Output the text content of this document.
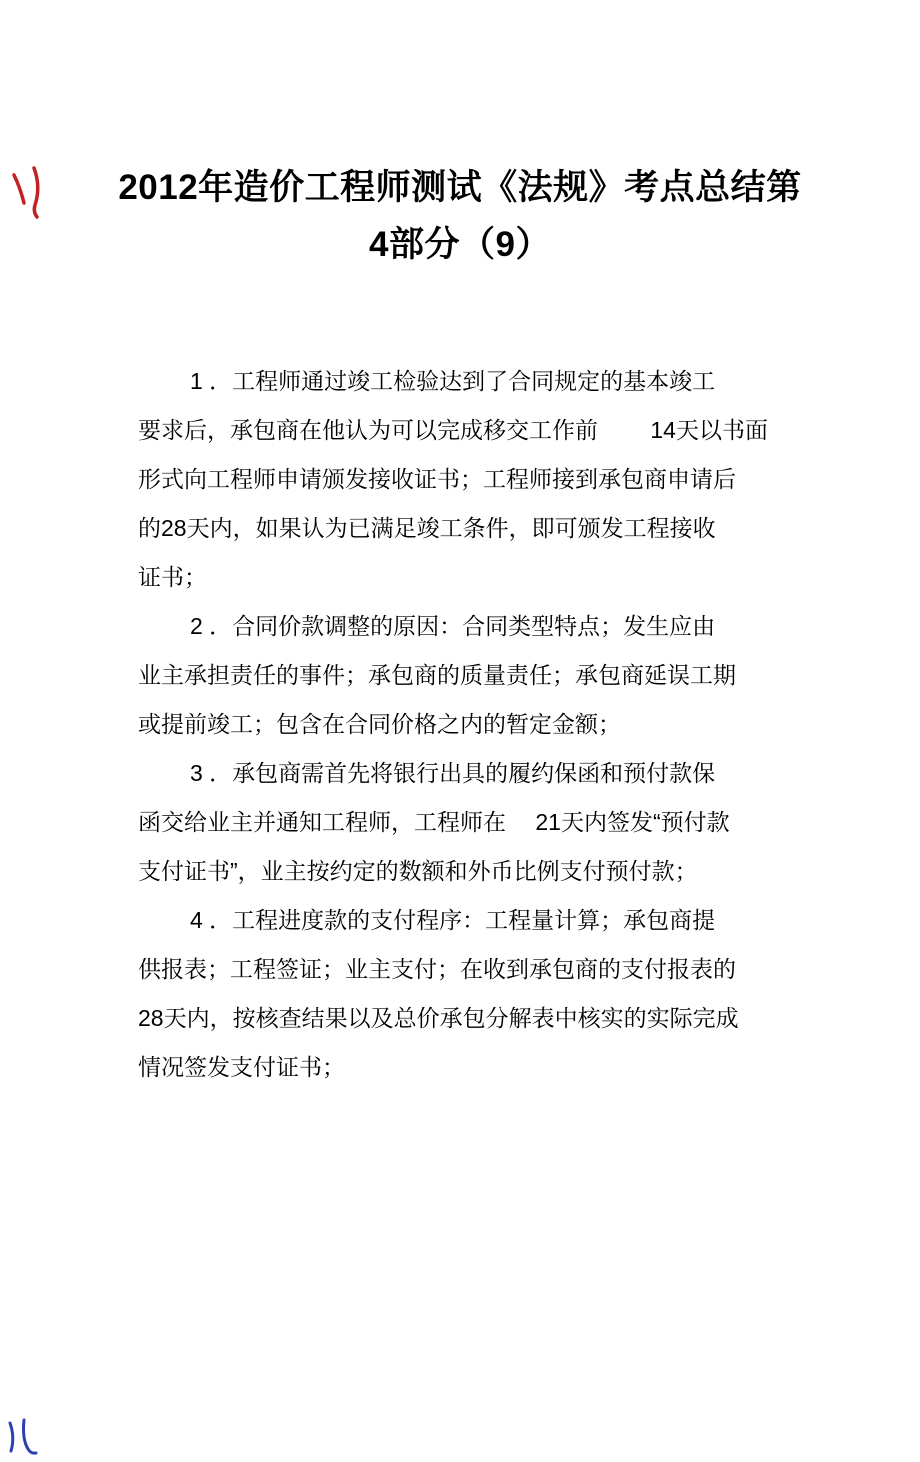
2012年造价工程师测试《法规》考点总结第
4部分（9）
1 ．工程师通过竣工检验达到了合同规定的基本竣工
要求后，承包商在他认为可以完成移交工作前　　 14天以书面
形式向工程师申请颁发接收证书；工程师接到承包商申请后
的28天内，如果认为已满足竣工条件，即可颁发工程接收
证书；
2 ．合同价款调整的原因：合同类型特点；发生应由
业主承担责任的事件；承包商的质量责任；承包商延误工期
或提前竣工；包含在合同价格之内的暂定金额；
3 ．承包商需首先将银行出具的履约保函和预付款保
函交给业主并通知工程师，工程师在　 21天内签发“预付款
支付证书”，业主按约定的数额和外币比例支付预付款；
4 ．工程进度款的支付程序：工程量计算；承包商提
供报表；工程签证；业主支付；在收到承包商的支付报表的
28天内，按核查结果以及总价承包分解表中核实的实际完成
情况签发支付证书；
